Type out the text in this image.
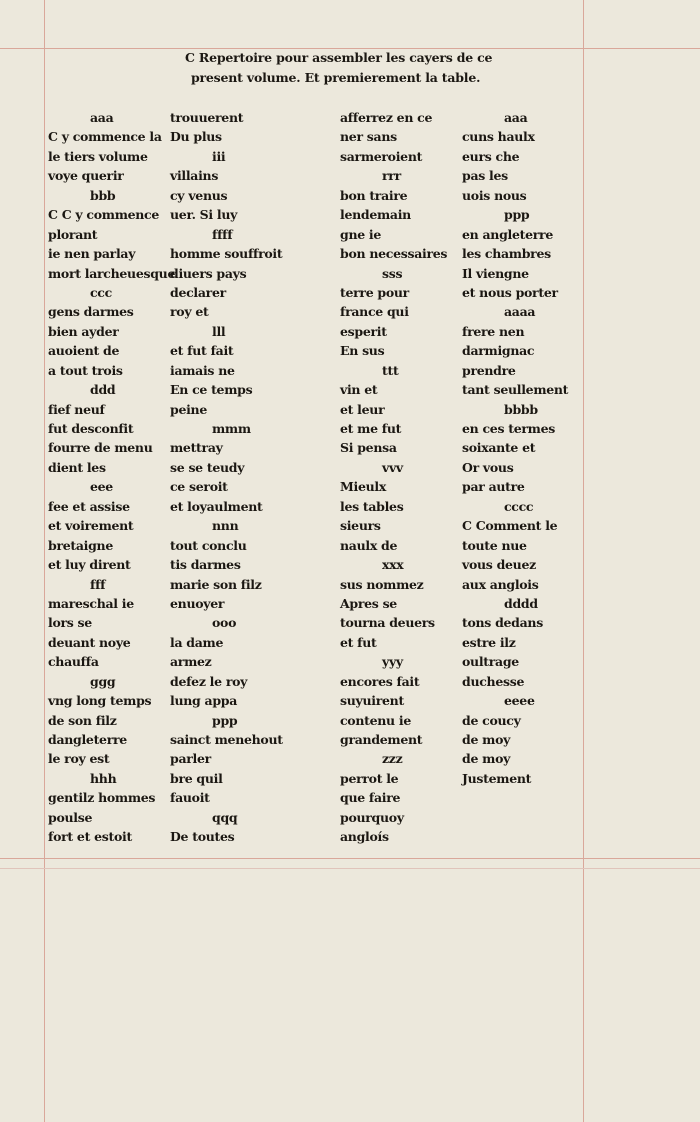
C Repertoire pour assembler les cayers de ce
present volume. Et premierement la table.
aaa
C y commence la
le tiers volume
voye querir
bbb
C C y commence
plorant
ie nen parlay
mort larcheuesque
ccc
gens darmes
bien ayder
auoient de
a tout trois
ddd
fief neuf
fut desconfit
fourre de menu
dient les
eee
fee et assise
et voirement
bretaigne
et luy dirent
fff
mareschal ie
lors se
deuant noye
chauffa
ggg
vng long temps
de son filz
dangleterre
le roy est
hhh
gentilz hommes
poulse
fort et estoit
trouuerent
Du plus
iii
villains
cy venus
uer. Si luy
ffff
homme souffroit
diuers pays
declarer
roy et
lll
et fut fait
iamais ne
En ce temps
peine
mmm
mettray
se se teudy
ce seroit
et loyaulment
nnn
tout conclu
tis darmes
marie son filz
enuoyer
ooo
la dame
armez
defez le roy
lung appa
ppp
sainct menehout
parler
bre quil
fauoit
qqq
De toutes
afferrez en ce
ner sans
sarmeroient
rrr
bon traire
lendemain
gne ie
bon necessaires
sss
terre pour
france qui
esperit
En sus
ttt
vin et
et leur
et me fut
Si pensa
vvv
Mieulx
les tables
sieurs
naulx de
xxx
sus nommez
Apres se
tourna deuers
et fut
yyy
encores fait
suyuirent
contenu ie
grandement
zzz
perrot le
que faire
pourquoy
angloís
aaa
cuns haulx
eurs che
pas les
uois nous
ppp
en angleterre
les chambres
Il viengne
et nous porter
aaaa
frere nen
darmignac
prendre
tant seullement
bbbb
en ces termes
soixante et
Or vous
par autre
cccc
C Comment le
toute nue
vous deuez
aux anglois
dddd
tons dedans
estre ilz
oultrage
duchesse
eeee
de coucy
de moy
de moy
Justement
